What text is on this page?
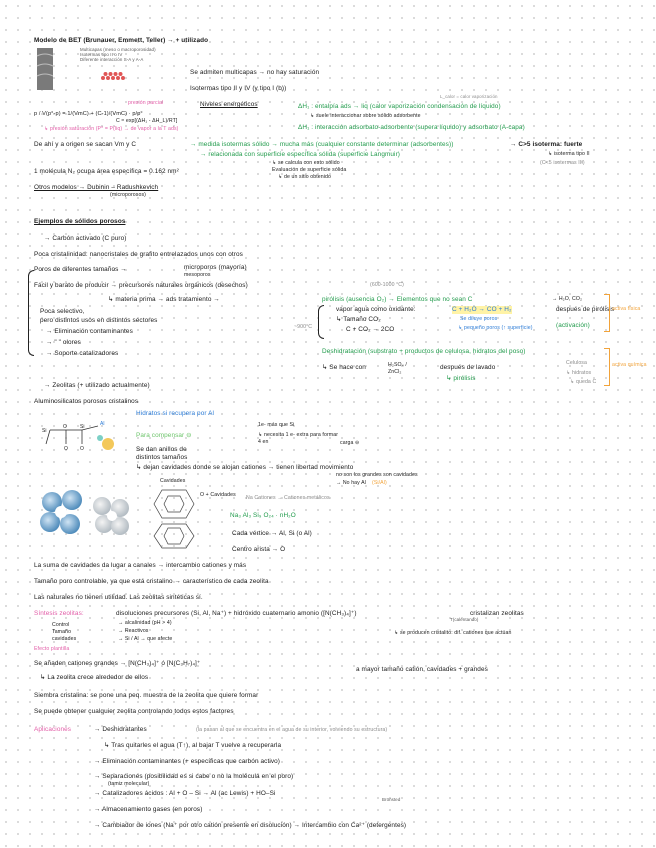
Modelo de BET (Brunauer, Emmett, Teller) → + utilizado
Multicapas (meso o macroporosidad)
Isotermas tipo II o IV
Diferente interacción S-A y A-A
Se admiten multicapas → no hay saturación
Isotermas tipo II y IV (y tipo I (b))
Niveles energéticos	ΔH₁ : entalpía ads → liq (calor vaporización condensación de líquido)
L_calor = calor vaporización
↳ suele interaccionar sobre sólido adsorbente
ΔH₁ : interacción adsorbato-adsorbente (supera líquido) y adsorbato (A-capa)
presión parcial
p / V(p°-p) = 1/(VmC) + (C-1)/(VmC) · p/p°
C ≈ exp[(ΔH₁ - ΔH_L)/RT]
↳ presión saturación (P° = P(liq) → de vapor a la T ads)
De ahí y a origen se sacan Vm y C	→ medida isotermas sólido → mucha más (cualquier constante determinar (adsorbentes))	→ C>5 isoterma: fuerte
→ relacionada con superficie específica sólida (superficie Langmuir)	↳ isoterma tipo II
(C<5 isotermas III)
↳ se calcula con esto sólido
Evaluación de superficie sólida
↳ de un sitio obtenido
1 molécula N₂ ocupa área específica = 0.162 nm²
Otros modelos → Dubinin – Radushkevich
(microporosos)
Ejemplos de sólidos porosos
→ Carbón activado (C puro)
Poca cristalinidad: nanocristales de grafito entrelazados unos con otros
Poros de diferentes tamaños →	microporos (mayoría)
mesoporos
Fácil y barato de producir → precursores naturales orgánicos (desechos)	(600-1000 °C)
↳ materia prima → ads tratamiento →	pirólisis (ausencia O₂) → Elementos que no sean C	→ H₂O, CO₂
Poca selectivo,
pero distintos usos en distintos sectores
→ Eliminación contaminantes
→ " " olores
→ Soporte catalizadores
vapor agua como oxidante:	C + H₂O → CO + H₂
↳ Tamaño CO₂	Se diluye poros
C + CO₂ → 2CO	↳ pequeño poros (↑ superficie)
~900°C
después de pirólisis
(activación)
activa física
Deshidratación (substrato + productos de celulosa, hidratos del poso)
↳ Se hace con	H₂SO₄ / ZnCl₂
después de lavado
↳ pirólisis
Celulosa
↳ hidratos
↳ queda C
activa química
→ Zeolitas (+ utilizado actualmente)
Aluminosilicatos porosos cristalinos
Si
O	Si	Al
O O
Hidratos si recupera por Al
Para compensar ⊖
1e- más que Si
↳ necesita 1 e- extra para formar 4 en	carga ⊖
Se dan anillos de
distintos tamaños
↳ dejan cavidades donde se alojan cationes → tienen libertad movimiento
no son los grandes son cavidades
→ No hay Al (Si/Al)
Cavidades
O + Cavidades Na Cationes → Cationes metálicos
Na₃ Al₃ Si₉ O₂₄ · nH₂O
Cada vértice → Al, Si (o Al)
Centro arista → O
La suma de cavidades da lugar a canales → intercambio cationes y más
Tamaño poro controlable, ya que está cristalino → característico de cada zeolita
Las naturales no tienen utilidad. Las zeolitas sintéticas sí.
Síntesis zeolitas:	disoluciones precursores (Si, Al, Na⁺) + hidróxido cuaternario amonio ([N(CH₃)₄]⁺)	cristalizan zeolitas
T(calentando)
Control
Tamaño
cavidades
→ alcalinidad (pH > 4)
→ Reactivos
→ Si / Al → que afecte
↳ se producen cristalito: dif. cationes que actúan
Efecto plantilla
Se añaden cationes grandes → [N(CH₃)₄]⁺ ó [N(C₃H₇)₄]⁺
a mayor tamaño catión, cavidades + grandes
↳ La zeolita crece alrededor de ellos
Siembra cristalina: se pone una peq. muestra de la zeolita que quiere formar
Se puede obtener cualquier zeolita controlando todos estos factores
Aplicaciones	→ Deshidratantes	(la pasan al que se encuentra en el agua de su interior, volviendo su estructura)
↳ Tras quitarles el agua (T↑), al bajar T vuelve a recuperarla
→ Eliminación contaminantes (+ específicas que carbón activo)
→ Separaciones (posibilidad es si cabe o no la molécula en el poro)
(tamiz molecular)
→ Catalizadores ácidos : Al + O – Si → Al (ac Lewis) + HO–Si
Brönsted
→ Almacenamiento gases (en poros)
→ Cambiador de iones (Na⁺ por otro catión presente en disolución) → Intercambio con Ca²⁺ (detergentes)
